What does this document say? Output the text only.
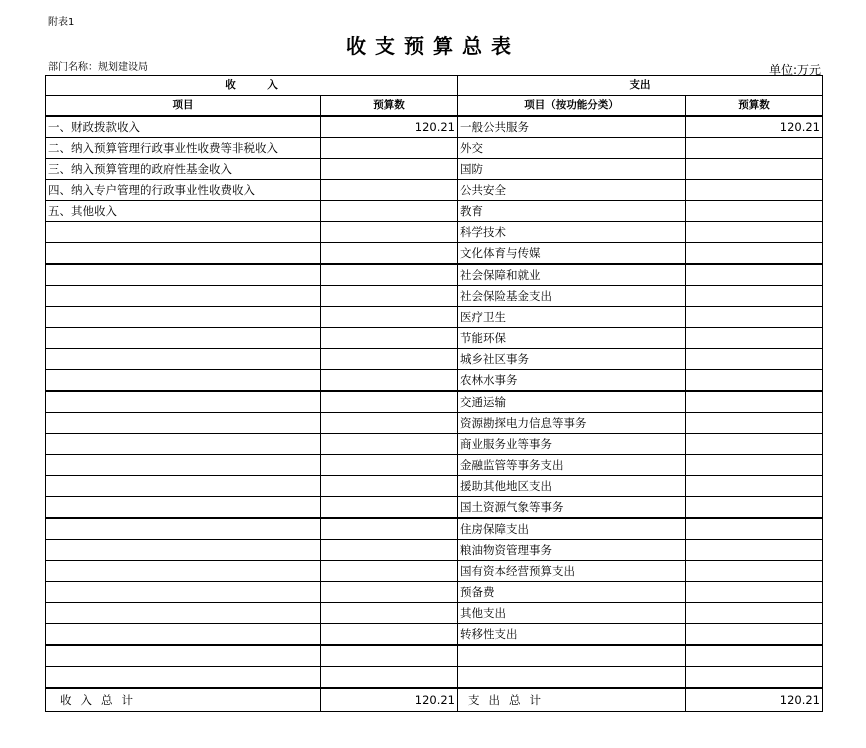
附表1
收支预算总表
部门名称：规划建设局	单位:万元
收　　　入		支出	
项目	预算数	项目（按功能分类）	预算数
一、财政拨款收入	120.21	一般公共服务	120.21
二、纳入预算管理行政事业性收费等非税收入		外交	
三、纳入预算管理的政府性基金收入		国防	
四、纳入专户管理的行政事业性收费收入		公共安全	
五、其他收入		教育	
		科学技术	
		文化体育与传媒	
		社会保障和就业	
		社会保险基金支出	
		医疗卫生	
		节能环保	
		城乡社区事务	
		农林水事务	
		交通运输	
		资源勘探电力信息等事务	
		商业服务业等事务	
		金融监管等事务支出	
		援助其他地区支出	
		国土资源气象等事务	
		住房保障支出	
		粮油物资管理事务	
		国有资本经营预算支出	
		预备费	
		其他支出	
		转移性支出	

收入总计	120.21	支出总计	120.21
